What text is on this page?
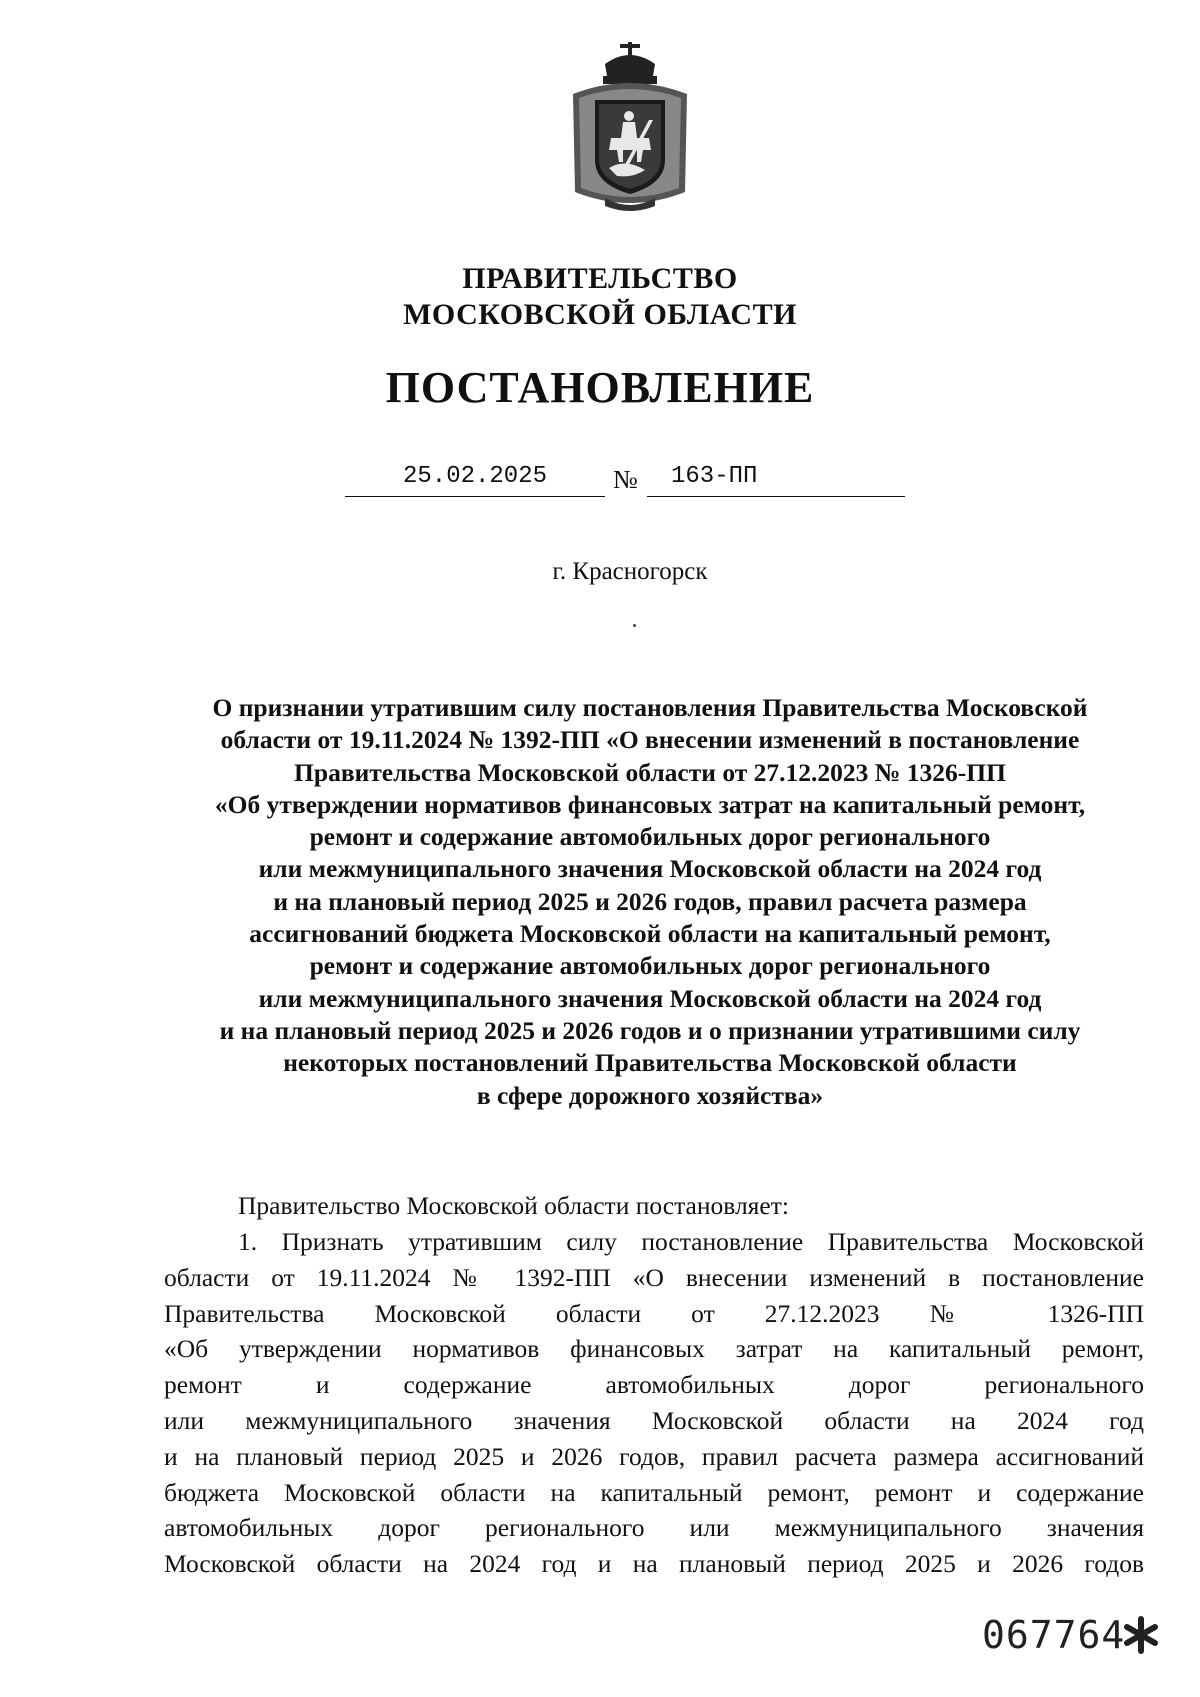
ПРАВИТЕЛЬСТВО
МОСКОВСКОЙ ОБЛАСТИ
ПОСТАНОВЛЕНИЕ
25.02.2025	№	163-ПП
г. Красногорск
О признании утратившим силу постановления Правительства Московской
области от 19.11.2024 № 1392-ПП «О внесении изменений в постановление
Правительства Московской области от 27.12.2023 № 1326-ПП
«Об утверждении нормативов финансовых затрат на капитальный ремонт,
ремонт и содержание автомобильных дорог регионального
или межмуниципального значения Московской области на 2024 год
и на плановый период 2025 и 2026 годов, правил расчета размера
ассигнований бюджета Московской области на капитальный ремонт,
ремонт и содержание автомобильных дорог регионального
или межмуниципального значения Московской области на 2024 год
и на плановый период 2025 и 2026 годов и о признании утратившими силу
некоторых постановлений Правительства Московской области
в сфере дорожного хозяйства»

Правительство Московской области постановляет:

1. Признать утратившим силу постановление Правительства Московской

области от 19.11.2024 № 1392-ПП «О внесении изменений в постановление

Правительства Московской области от 27.12.2023 № 1326-ПП

«Об утверждении нормативов финансовых затрат на капитальный ремонт,

ремонт и содержание автомобильных дорог регионального

или межмуниципального значения Московской области на 2024 год

и на плановый период 2025 и 2026 годов, правил расчета размера ассигнований

бюджета Московской области на капитальный ремонт, ремонт и содержание

автомобильных дорог регионального или межмуниципального значения

Московской области на 2024 год и на плановый период 2025 и 2026 годов

067764
